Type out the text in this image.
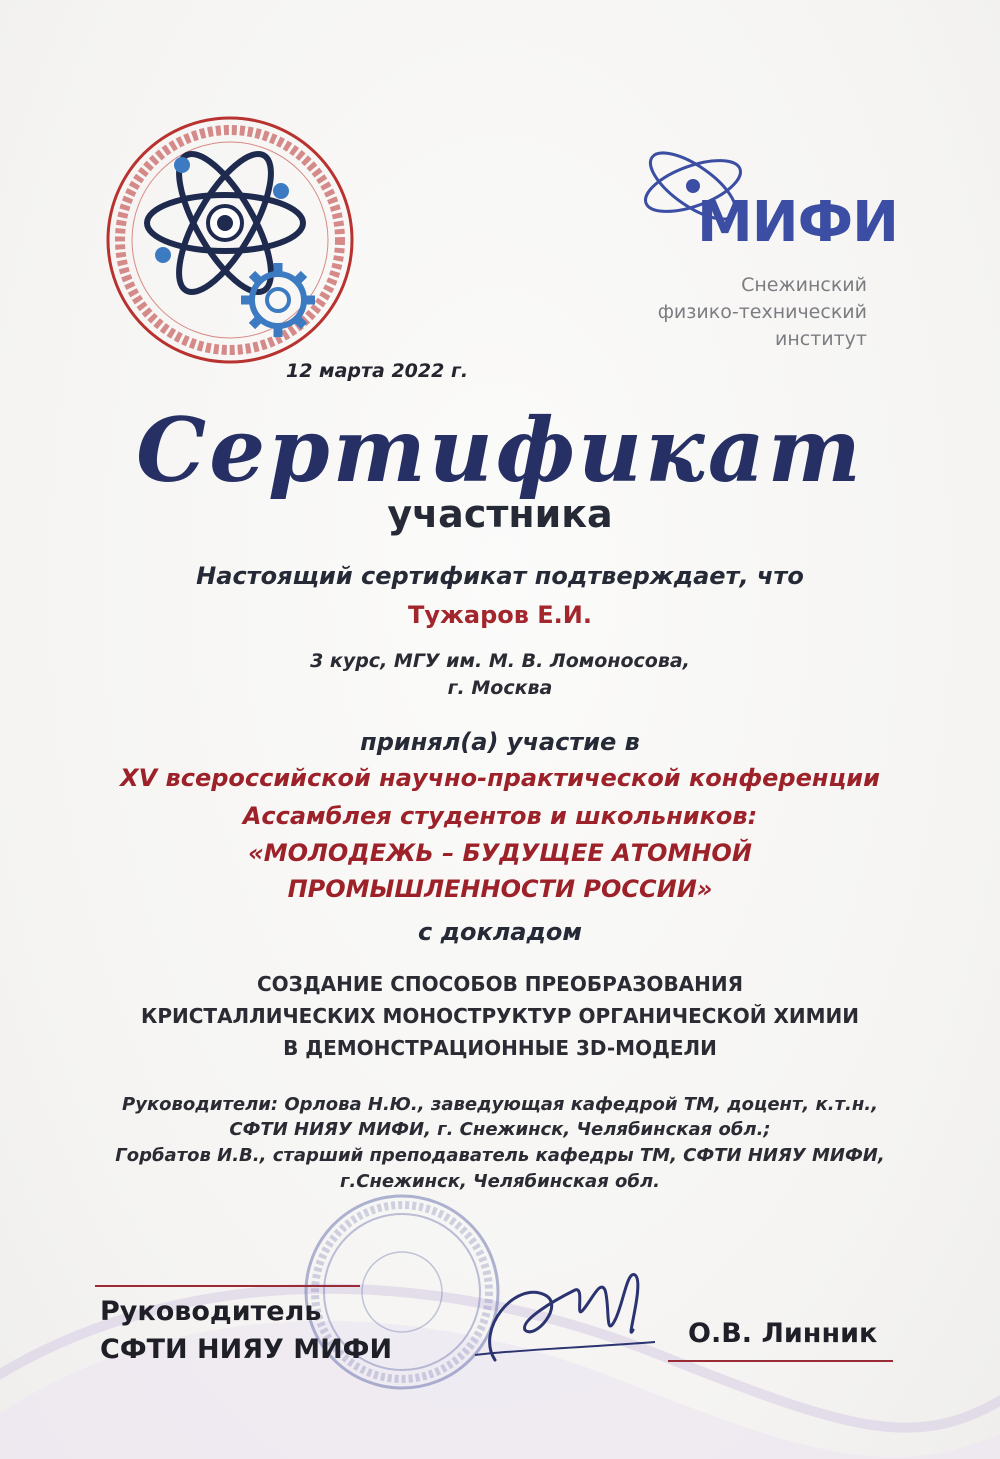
МИФИ
Снежинский
физико-технический
институт
12 марта 2022 г.
Сертификат
участника
Настоящий сертификат подтверждает, что
Тужаров Е.И.
3 курс, МГУ им. М. В. Ломоносова,
г. Москва
принял(а) участие в
XV всероссийской научно-практической конференции
Ассамблея студентов и школьников:
«МОЛОДЕЖЬ – БУДУЩЕЕ АТОМНОЙ
ПРОМЫШЛЕННОСТИ РОССИИ»
с докладом
СОЗДАНИЕ СПОСОБОВ ПРЕОБРАЗОВАНИЯ
КРИСТАЛЛИЧЕСКИХ МОНОСТРУКТУР ОРГАНИЧЕСКОЙ ХИМИИ
В ДЕМОНСТРАЦИОННЫЕ 3D-МОДЕЛИ
Руководители: Орлова Н.Ю., заведующая кафедрой ТМ, доцент, к.т.н.,
СФТИ НИЯУ МИФИ, г. Снежинск, Челябинская обл.;
Горбатов И.В., старший преподаватель кафедры ТМ, СФТИ НИЯУ МИФИ,
г.Снежинск, Челябинская обл.
Руководитель
СФТИ НИЯУ МИФИ
О.В. Линник
